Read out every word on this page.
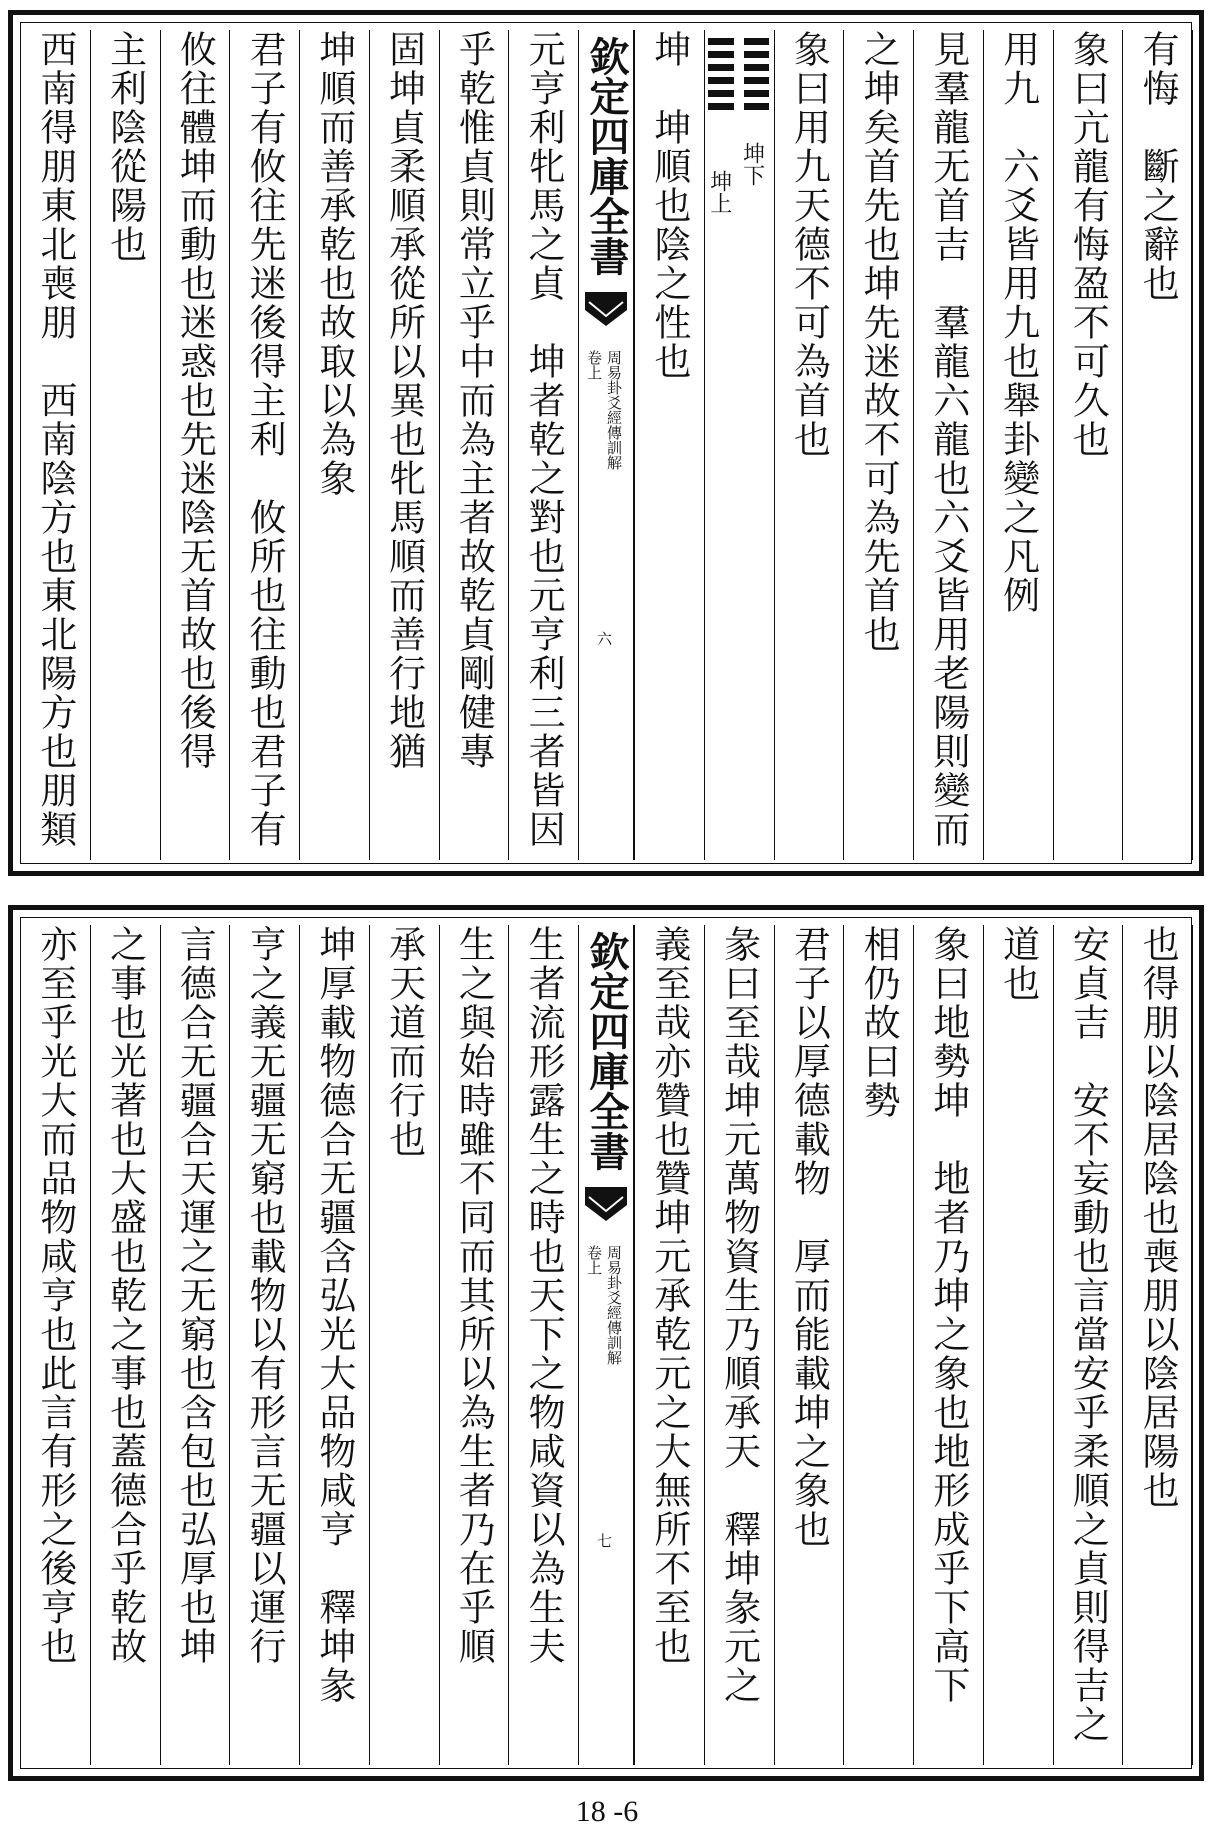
有悔　斷之辭也
象曰亢龍有悔盈不可久也
用九　六爻皆用九也舉卦變之凡例
見羣龍无首吉　羣龍六龍也六爻皆用老陽則變而
之坤矣首先也坤先迷故不可為先首也
象曰用九天德不可為首也
坤　坤順也陰之性也
元亨利牝馬之貞　坤者乾之對也元亨利三者皆因
乎乾惟貞則常立乎中而為主者故乾貞剛健專
固坤貞柔順承從所以異也牝馬順而善行地猶
坤順而善承乾也故取以為象
君子有攸往先迷後得主利　攸所也往動也君子有
攸往體坤而動也迷惑也先迷陰无首故也後得
主利陰從陽也
西南得朋東北喪朋　西南陰方也東北陽方也朋類	欽定四庫全書
周易卦爻經傳訓解
卷上
六
坤下
坤上
也得朋以陰居陰也喪朋以陰居陽也
安貞吉　安不妄動也言當安乎柔順之貞則得吉之
道也
象曰地勢坤　地者乃坤之象也地形成乎下高下
相仍故曰勢
君子以厚德載物　厚而能載坤之象也
彖曰至哉坤元萬物資生乃順承天　釋坤彖元之
義至哉亦贊也贊坤元承乾元之大無所不至也
生者流形露生之時也天下之物咸資以為生夫
生之與始時雖不同而其所以為生者乃在乎順
承天道而行也
坤厚載物德合无疆含弘光大品物咸亨　釋坤彖
亨之義无疆无窮也載物以有形言无疆以運行
言德合无疆合天運之无窮也含包也弘厚也坤
之事也光著也大盛也乾之事也蓋德合乎乾故
亦至乎光大而品物咸亨也此言有形之後亨也	欽定四庫全書
周易卦爻經傳訓解
卷上
七
18 -6
